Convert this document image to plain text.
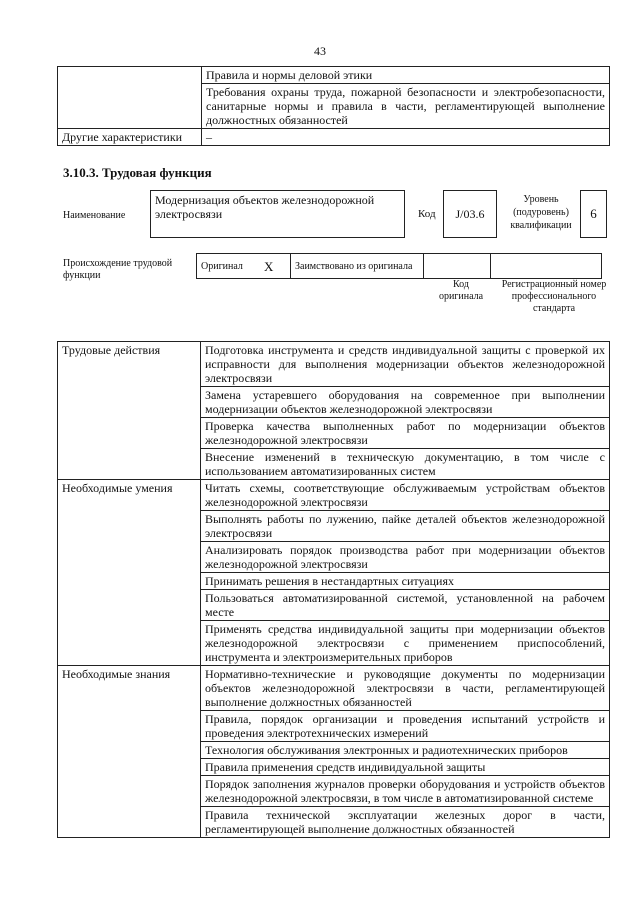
43
	Правила и нормы деловой этики
	Требования охраны труда, пожарной безопасности и электробезопасности, санитарные нормы и правила в части, регламентирующей выполнение должностных обязанностей
Другие характеристики	–
3.10.3. Трудовая функция
Наименование
Модернизация объектов железнодорожной электросвязи	Код	J/03.6
Уровень (подуровень) квалификации
6
Происхождение трудовой функции
Оригинал	X	Заимствовано из оригинала		
Код оригинала
Регистрационный номер профессионального стандарта
Трудовые действия	Подготовка инструмента и средств индивидуальной защиты с проверкой их исправности для выполнения модернизации объектов железнодорожной электросвязи
	Замена устаревшего оборудования на современное при выполнении модернизации объектов железнодорожной электросвязи
	Проверка качества выполненных работ по модернизации объектов железнодорожной электросвязи
	Внесение изменений в техническую документацию, в том числе с использованием автоматизированных систем
Необходимые умения	Читать схемы, соответствующие обслуживаемым устройствам объектов железнодорожной электросвязи
	Выполнять работы по лужению, пайке деталей объектов железнодорожной электросвязи
	Анализировать порядок производства работ при модернизации объектов железнодорожной электросвязи
	Принимать решения в нестандартных ситуациях
	Пользоваться автоматизированной системой, установленной на рабочем месте
	Применять средства индивидуальной защиты при модернизации объектов железнодорожной электросвязи с применением приспособлений, инструмента и электроизмерительных приборов
Необходимые знания	Нормативно-технические и руководящие документы по модернизации объектов железнодорожной электросвязи в части, регламентирующей выполнение должностных обязанностей
	Правила, порядок организации и проведения испытаний устройств и проведения электротехнических измерений
	Технология обслуживания электронных и радиотехнических приборов
	Правила применения средств индивидуальной защиты
	Порядок заполнения журналов проверки оборудования и устройств объектов железнодорожной электросвязи, в том числе в автоматизированной системе
	Правила технической эксплуатации железных дорог в части, регламентирующей выполнение должностных обязанностей
